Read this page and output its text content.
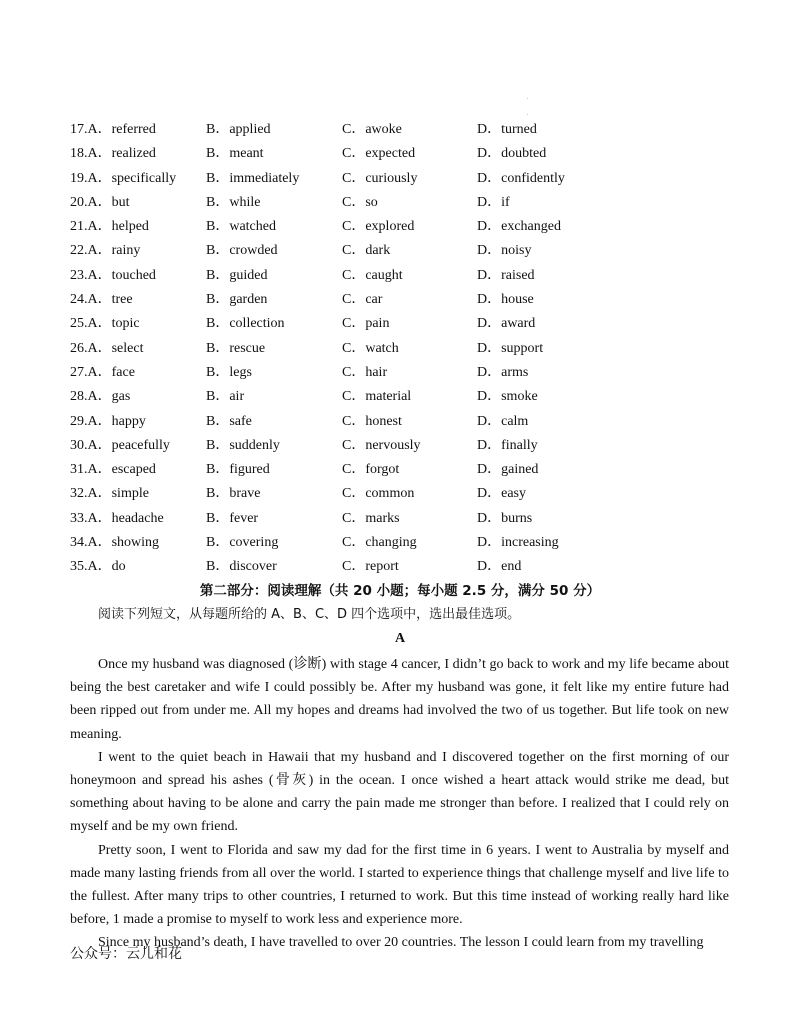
.
.
17.A．referred	B．applied	C．awoke	D．turned
18.A．realized	B．meant	C．expected	D．doubted
19.A．specifically B．immediately	C．curiously	D．confidently
20.A．but	B．while	C．so	D．if
21.A．helped	B．watched	C．explored	D．exchanged
22.A．rainy	B．crowded	C．dark	D．noisy
23.A．touched	B．guided	C．caught	D．raised
24.A．tree	B．garden	C．car	D．house
25.A．topic	B．collection	C．pain	D．award
26.A．select	B．rescue	C．watch	D．support
27.A．face	B．legs	C．hair	D．arms
28.A．gas	B．air	C．material	D．smoke
29.A．happy	B．safe	C．honest	D．calm
30.A．peacefully	B．suddenly	C．nervously	D．finally
31.A．escaped	B．figured	C．forgot	D．gained
32.A．simple	B．brave	C．common	D．easy
33.A．headache	B．fever	C．marks	D．burns
34.A．showing	B．covering	C．changing	D．increasing
35.A．do	B．discover	C．report	D．end
第二部分：阅读理解（共 20 小题；每小题 2.5 分，满分 50 分）
阅读下列短文，从每题所给的 A、B、C、D 四个选项中，选出最佳选项。
A

Once my husband was diagnosed (诊断) with stage 4 cancer, I didn’t go back to work and my life became about being the best caretaker and wife I could possibly be. After my husband was gone, it felt like my entire future had been ripped out from under me. All my hopes and dreams had involved the two of us together. But life took on new meaning.

I went to the quiet beach in Hawaii that my husband and I discovered together on the first morning of our honeymoon and spread his ashes (骨灰) in the ocean. I once wished a heart attack would strike me dead, but something about having to be alone and carry the pain made me stronger than before. I realized that I could rely on myself and be my own friend.

Pretty soon, I went to Florida and saw my dad for the first time in 6 years. I went to Australia by myself and made many lasting friends from all over the world. I started to experience things that challenge myself and live life to the fullest. After many trips to other countries, I returned to work. But this time instead of working really hard like before, 1 made a promise to myself to work less and experience more.

Since my husband’s death, I have travelled to over 20 countries. The lesson I could learn from my travelling

公众号：云儿和花
